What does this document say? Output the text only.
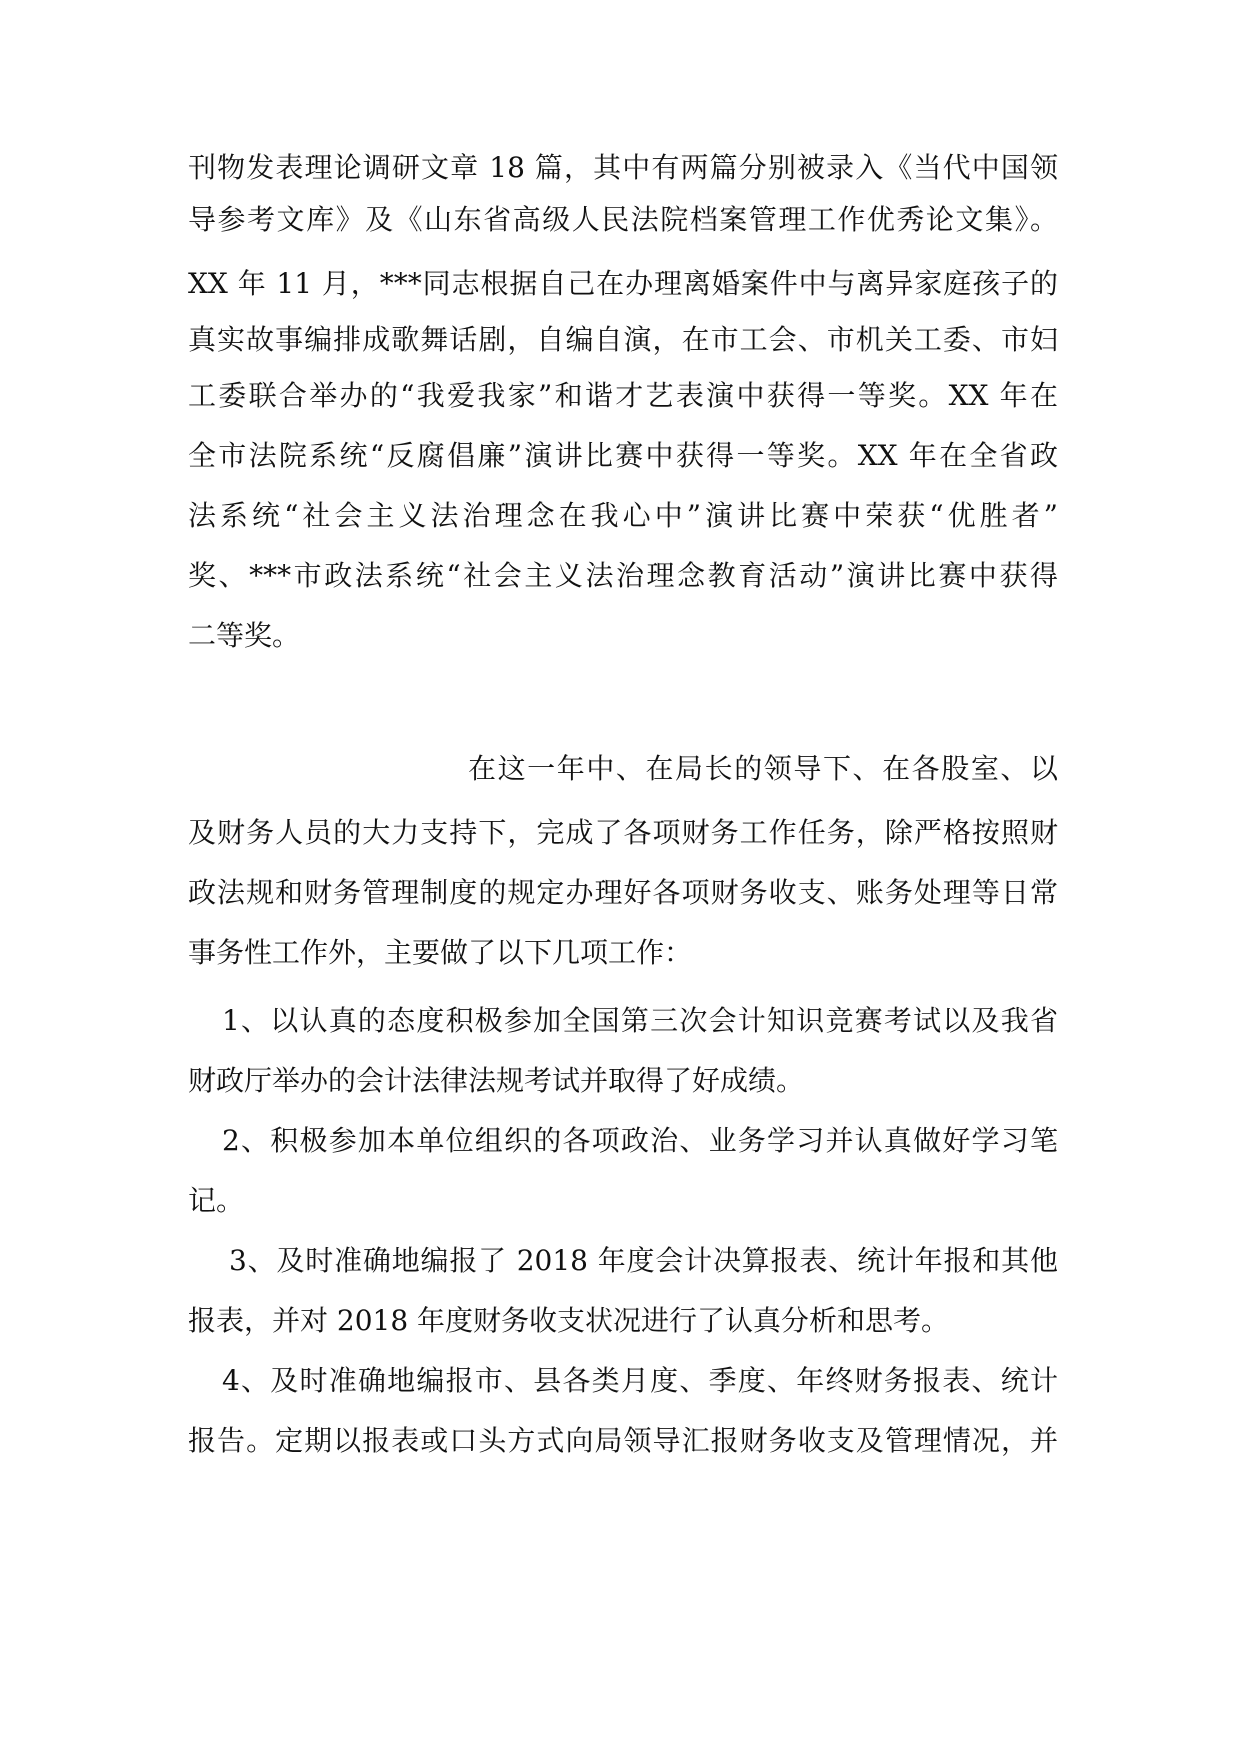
刊物发表理论调研文章 18 篇，其中有两篇分别被录入《当代中国领
导参考文库》及《山东省高级人民法院档案管理工作优秀论文集》。
XX 年 11 月，***同志根据自己在办理离婚案件中与离异家庭孩子的
真实故事编排成歌舞话剧，自编自演，在市工会、市机关工委、市妇
工委联合举办的“我爱我家”和谐才艺表演中获得一等奖。XX 年在
全市法院系统“反腐倡廉”演讲比赛中获得一等奖。XX 年在全省政
法系统“社会主义法治理念在我心中”演讲比赛中荣获“优胜者”
奖、***市政法系统“社会主义法治理念教育活动”演讲比赛中获得
二等奖。
在这一年中、在局长的领导下、在各股室、以
及财务人员的大力支持下，完成了各项财务工作任务，除严格按照财
政法规和财务管理制度的规定办理好各项财务收支、账务处理等日常
事务性工作外，主要做了以下几项工作：
1、以认真的态度积极参加全国第三次会计知识竞赛考试以及我省
财政厅举办的会计法律法规考试并取得了好成绩。
2、积极参加本单位组织的各项政治、业务学习并认真做好学习笔
记。
3、及时准确地编报了 2018 年度会计决算报表、统计年报和其他
报表，并对 2018 年度财务收支状况进行了认真分析和思考。
4、及时准确地编报市、县各类月度、季度、年终财务报表、统计
报告。定期以报表或口头方式向局领导汇报财务收支及管理情况，并
